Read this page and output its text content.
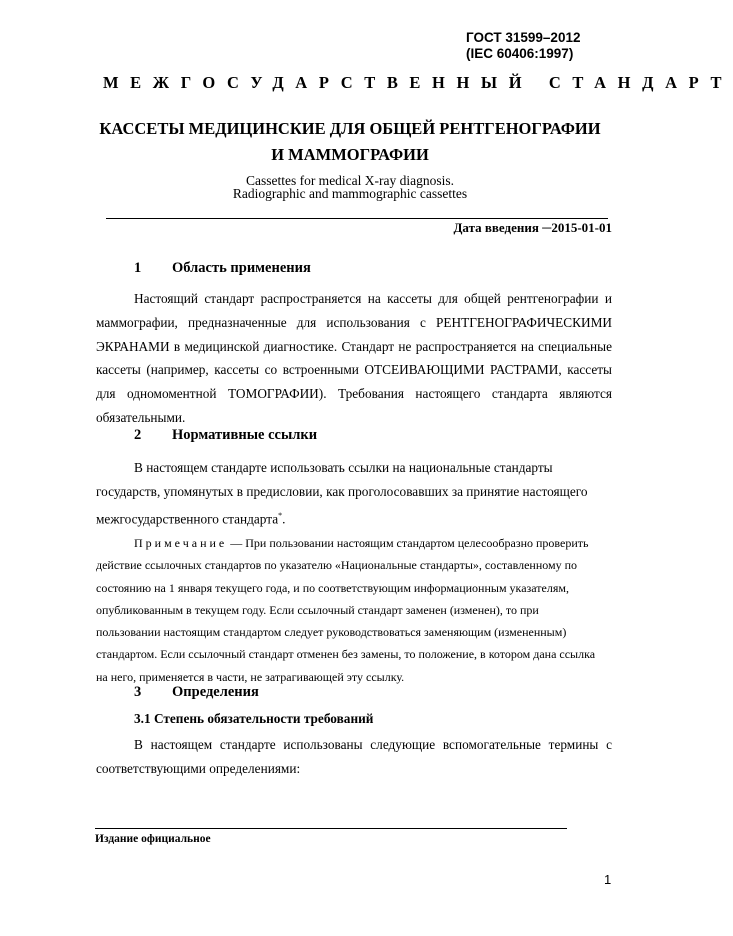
ГОСТ 31599–2012
(IEC 60406:1997)
МЕЖГОСУДАРСТВЕННЫЙ СТАНДАРТ
КАССЕТЫ МЕДИЦИНСКИЕ ДЛЯ ОБЩЕЙ РЕНТГЕНОГРАФИИ
И МАММОГРАФИИ
Cassettes for medical X-ray diagnosis.
Radiographic and mammographic cassettes
Дата введения ─2015-01-01
1 Область применения
Настоящий стандарт распространяется на кассеты для общей рентгенографии и маммографии, предназначенные для использования с РЕНТГЕНОГРАФИЧЕСКИМИ ЭКРАНАМИ в медицинской диагностике. Стандарт не распространяется на специальные кассеты (например, кассеты со встроенными ОТСЕИВАЮЩИМИ РАСТРАМИ, кассеты для одномоментной ТОМОГРАФИИ). Требования настоящего стандарта являются обязательными.
2 Нормативные ссылки
В настоящем стандарте использовать ссылки на национальные стандарты
государств, упомянутых в предисловии, как проголосовавших за принятие настоящего
межгосударственного стандарта*.
Примечание — При пользовании настоящим стандартом целесообразно проверить
действие ссылочных стандартов по указателю «Национальные стандарты», составленному по
состоянию на 1 января текущего года, и по соответствующим информационным указателям,
опубликованным в текущем году. Если ссылочный стандарт заменен (изменен), то при
пользовании настоящим стандартом следует руководствоваться заменяющим (измененным)
стандартом. Если ссылочный стандарт отменен без замены, то положение, в котором дана ссылка
на него, применяется в части, не затрагивающей эту ссылку.
3 Определения
3.1 Степень обязательности требований
В настоящем стандарте использованы следующие вспомогательные термины с соответствующими определениями:
Издание официальное
1
